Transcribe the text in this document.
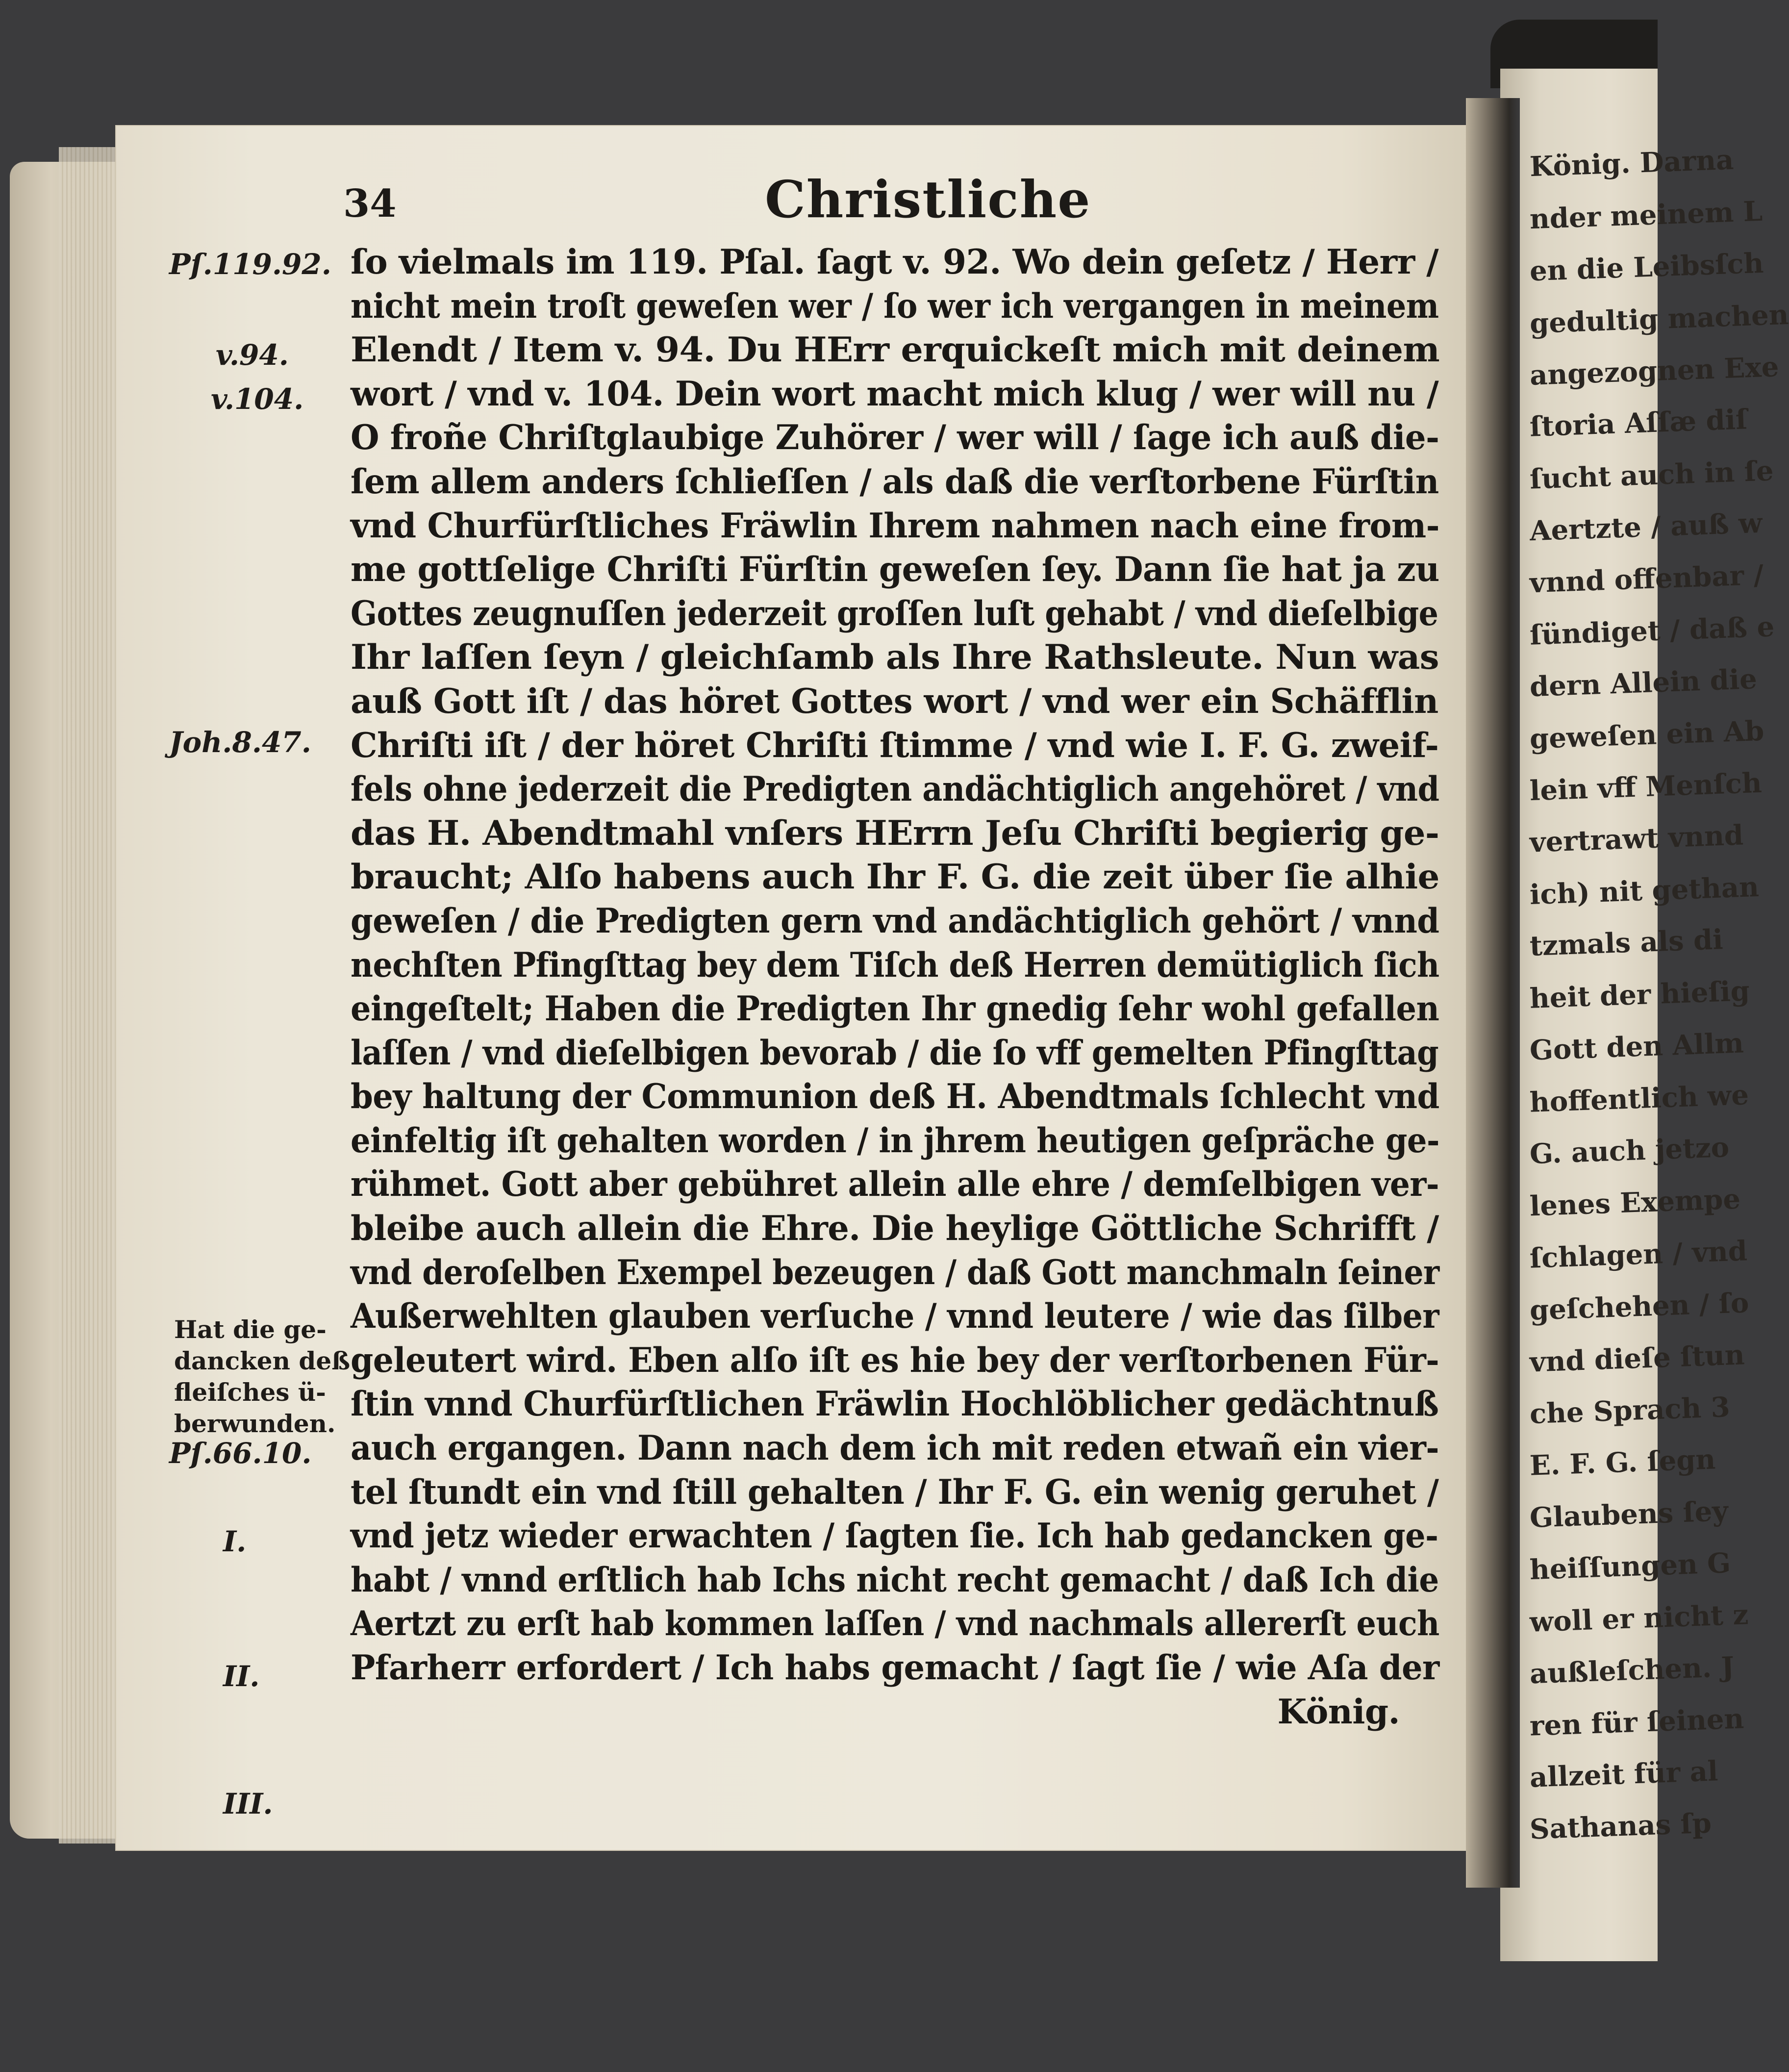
König. Darna
nder meinem L
en die Leibsſch
gedultig machen
angezognen Exe
ſtoria Aſſæ diſ
ſucht auch in ſe
Aertzte / auß w
vnnd offenbar /
ſündiget / daß e
dern Allein die
geweſen ein Ab
lein vff Menſch
vertrawt vnnd
ich) nit gethan
tzmals als di
heit der hieſig
Gott den Allm
hoffentlich we
G. auch jetzo
lenes Exempe
ſchlagen / vnd
geſchehen / ſo
vnd dieſe ſtun
che Sprach 3
E. F. G. ſegn
Glaubens ſey
heiſſungen G
woll er nicht z
außleſchen. J
ren für ſeinen
allzeit für al
Sathanas ſp
34	Christliche
Pſ.119.92.
v.94.
v.104.
Joh.8.47.
Hat die ge-
dancken deß
fleiſches ü-
berwunden.
Pſ.66.10.
I.
II.
III.
ſo vielmals im 119. Pſal. ſagt v. 92. Wo dein geſetz / Herr /
nicht mein troſt geweſen wer / ſo wer ich vergangen in meinem
Elendt / Item v. 94. Du HErr erquickeſt mich mit deinem
wort / vnd v. 104. Dein wort macht mich klug / wer will nu /
O froñe Chriſtglaubige Zuhörer / wer will / ſage ich auß die-
ſem allem anders ſchlieſſen / als daß die verſtorbene Fürſtin
vnd Churfürſtliches Fräwlin Ihrem nahmen nach eine from-
me gottſelige Chriſti Fürſtin geweſen ſey. Dann ſie hat ja zu
Gottes zeugnuſſen jederzeit groſſen luſt gehabt / vnd dieſelbige
Ihr laſſen ſeyn / gleichſamb als Ihre Rathsleute. Nun was
auß Gott iſt / das höret Gottes wort / vnd wer ein Schäfflin
Chriſti iſt / der höret Chriſti ſtimme / vnd wie I. F. G. zweif-
fels ohne jederzeit die Predigten andächtiglich angehöret / vnd
das H. Abendtmahl vnſers HErrn Jeſu Chriſti begierig ge-
braucht; Alſo habens auch Ihr F. G. die zeit über ſie alhie
geweſen / die Predigten gern vnd andächtiglich gehört / vnnd
nechſten Pfingſttag bey dem Tiſch deß Herren demütiglich ſich
eingeſtelt; Haben die Predigten Ihr gnedig ſehr wohl gefallen
laſſen / vnd dieſelbigen bevorab / die ſo vff gemelten Pfingſttag
bey haltung der Communion deß H. Abendtmals ſchlecht vnd
einfeltig iſt gehalten worden / in jhrem heutigen geſpräche ge-
rühmet. Gott aber gebühret allein alle ehre / demſelbigen ver-
bleibe auch allein die Ehre. Die heylige Göttliche Schrifft /
vnd deroſelben Exempel bezeugen / daß Gott manchmaln ſeiner
Außerwehlten glauben verſuche / vnnd leutere / wie das ſilber
geleutert wird. Eben alſo iſt es hie bey der verſtorbenen Für-
ſtin vnnd Churfürſtlichen Fräwlin Hochlöblicher gedächtnuß
auch ergangen. Dann nach dem ich mit reden etwañ ein vier-
tel ſtundt ein vnd ſtill gehalten / Ihr F. G. ein wenig geruhet /
vnd jetz wieder erwachten / ſagten ſie. Ich hab gedancken ge-
habt / vnnd erſtlich hab Ichs nicht recht gemacht / daß Ich die
Aertzt zu erſt hab kommen laſſen / vnd nachmals allererſt euch
Pfarherr erfordert / Ich habs gemacht / ſagt ſie / wie Aſa der
König.
